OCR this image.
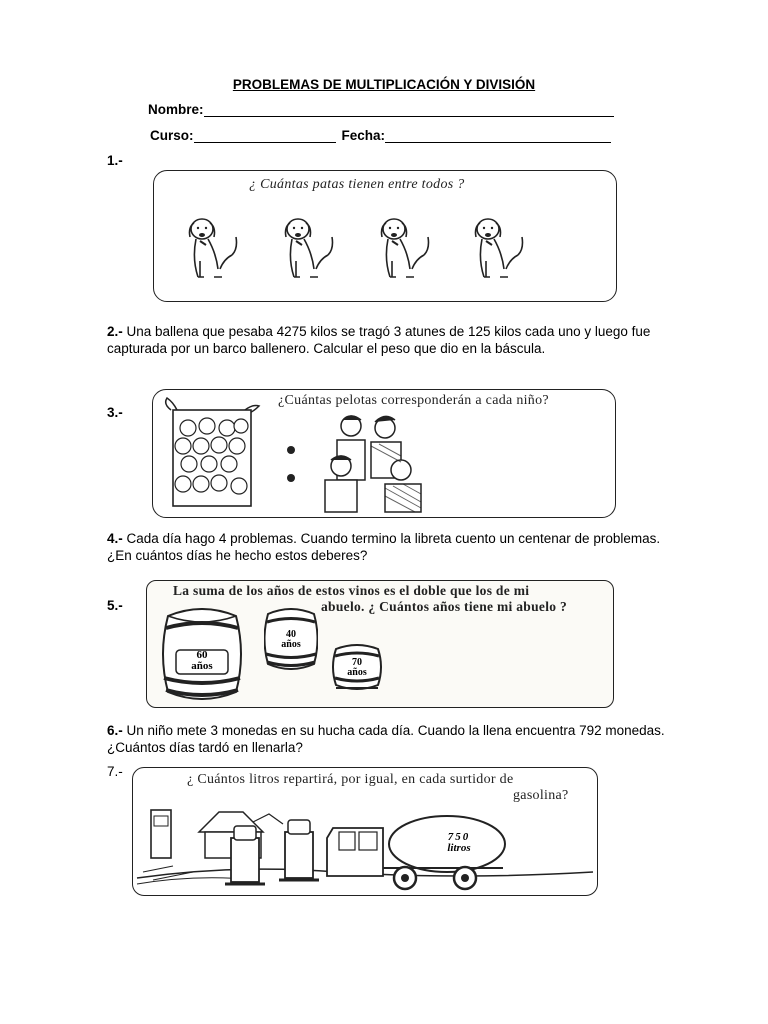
PROBLEMAS DE MULTIPLICACIÓN Y DIVISIÓN
Nombre:
Curso:	Fecha:
1.-
¿ Cuántas patas tienen entre todos ?
2.- Una ballena que pesaba 4275 kilos se tragó 3 atunes de 125 kilos cada uno y luego fue capturada por un barco ballenero. Calcular el peso que dio en la báscula.
3.-
¿Cuántas pelotas corresponderán a cada niño?
4.- Cada día hago 4 problemas. Cuando termino la libreta cuento un centenar de problemas. ¿En cuántos días he hecho estos deberes?
5.-
La suma de los años de estos vinos es el doble que los de mi
abuelo. ¿ Cuántos años tiene mi abuelo ?
60
años
40
años
70
años
6.- Un niño mete 3 monedas en su hucha cada día. Cuando la llena encuentra 792 monedas. ¿Cuántos días tardó en llenarla?
7.-
¿ Cuántos litros repartirá, por igual, en cada surtidor de
gasolina?
750
litros
